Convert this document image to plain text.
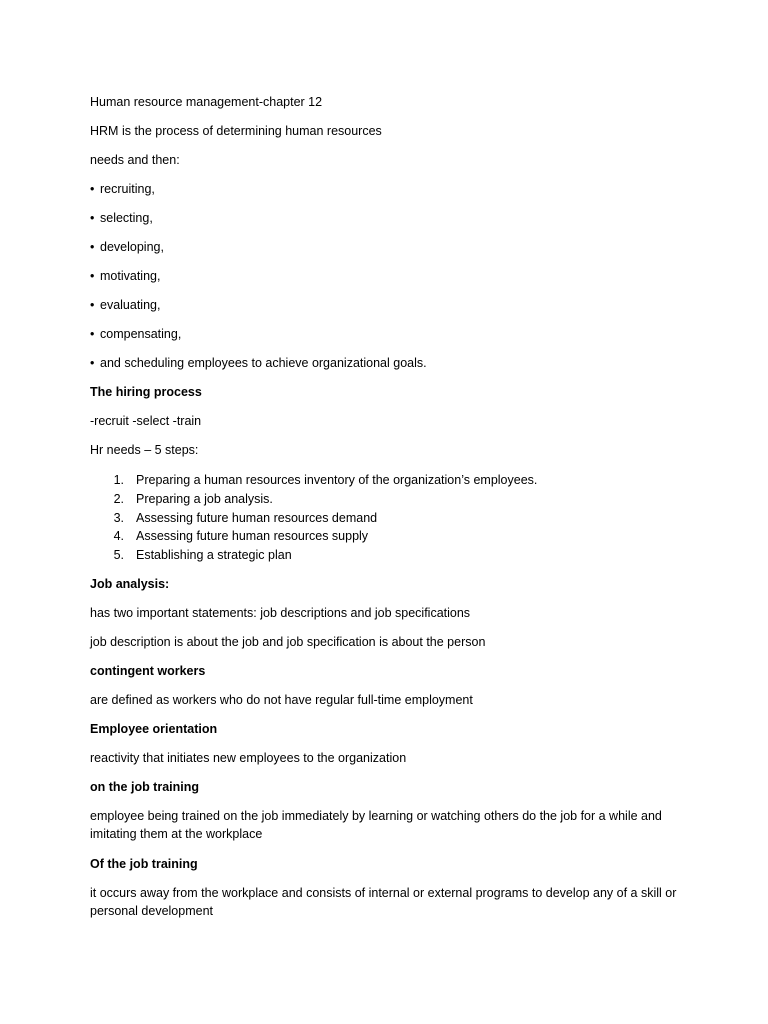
Human resource management-chapter 12
HRM is the process of determining human resources
needs and then:
• recruiting,
• selecting,
• developing,
• motivating,
• evaluating,
• compensating,
• and scheduling employees to achieve organizational goals.
The hiring process
-recruit -select -train
Hr needs – 5 steps:
1. Preparing a human resources inventory of the organization’s employees.
2. Preparing a job analysis.
3. Assessing future human resources demand
4. Assessing future human resources supply
5. Establishing a strategic plan
Job analysis:
has two important statements: job descriptions and job specifications
job description is about the job and job specification is about the person
contingent workers
are defined as workers who do not have regular full-time employment
Employee orientation
reactivity that initiates new employees to the organization
on the job training
employee being trained on the job immediately by learning or watching others do the job for a while and imitating them at the workplace
Of the job training
it occurs away from the workplace and consists of internal or external programs to develop any of a skill or personal development
